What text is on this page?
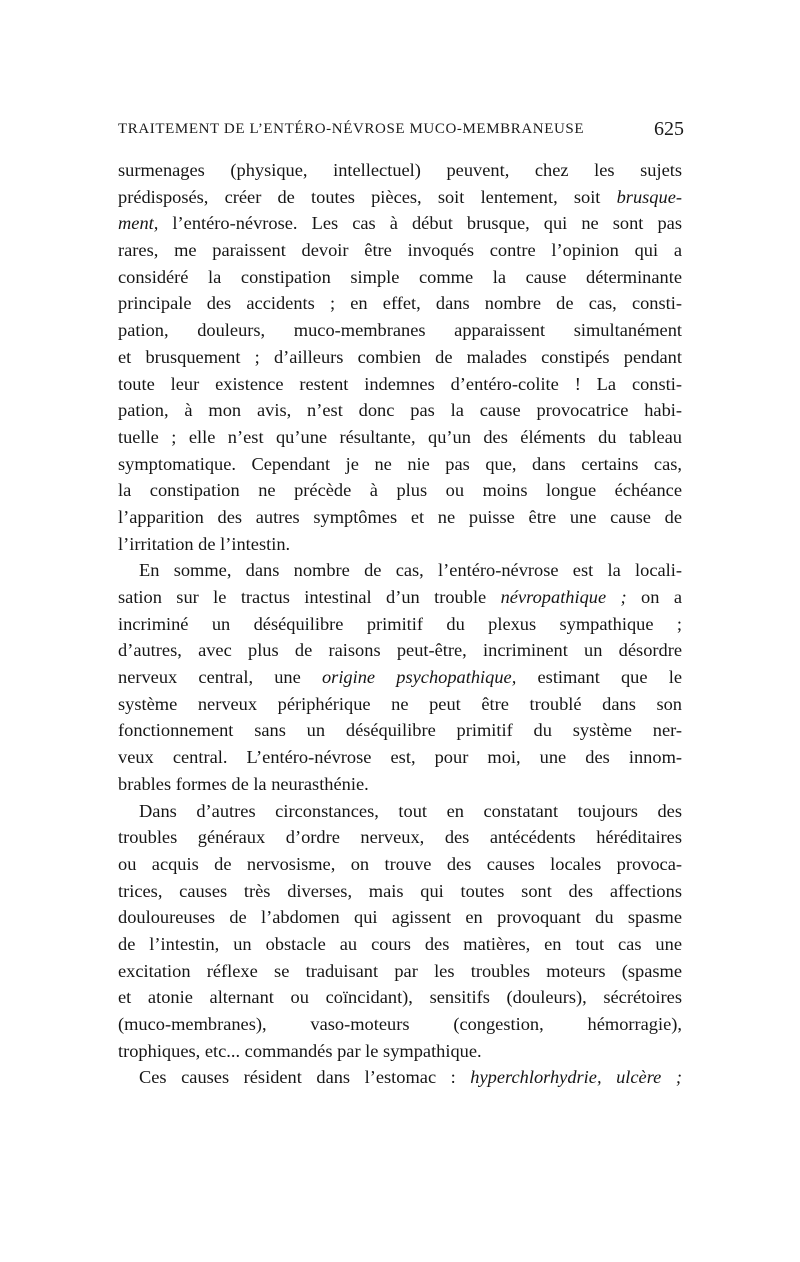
TRAITEMENT DE L’ENTÉRO-NÉVROSE MUCO-MEMBRANEUSE	625
surmenages (physique, intellectuel) peuvent, chez les sujets
prédisposés, créer de toutes pièces, soit lentement, soit brusque-
ment, l’entéro-névrose. Les cas à début brusque, qui ne sont pas
rares, me paraissent devoir être invoqués contre l’opinion qui a
considéré la constipation simple comme la cause déterminante
principale des accidents ; en effet, dans nombre de cas, consti-
pation, douleurs, muco-membranes apparaissent simultanément
et brusquement ; d’ailleurs combien de malades constipés pendant
toute leur existence restent indemnes d’entéro-colite ! La consti-
pation, à mon avis, n’est donc pas la cause provocatrice habi-
tuelle ; elle n’est qu’une résultante, qu’un des éléments du tableau
symptomatique. Cependant je ne nie pas que, dans certains cas,
la constipation ne précède à plus ou moins longue échéance
l’apparition des autres symptômes et ne puisse être une cause de
l’irritation de l’intestin.
En somme, dans nombre de cas, l’entéro-névrose est la locali-
sation sur le tractus intestinal d’un trouble névropathique ; on a
incriminé un déséquilibre primitif du plexus sympathique ;
d’autres, avec plus de raisons peut-être, incriminent un désordre
nerveux central, une origine psychopathique, estimant que le
système nerveux périphérique ne peut être troublé dans son
fonctionnement sans un déséquilibre primitif du système ner-
veux central. L’entéro-névrose est, pour moi, une des innom-
brables formes de la neurasthénie.
Dans d’autres circonstances, tout en constatant toujours des
troubles généraux d’ordre nerveux, des antécédents héréditaires
ou acquis de nervosisme, on trouve des causes locales provoca-
trices, causes très diverses, mais qui toutes sont des affections
douloureuses de l’abdomen qui agissent en provoquant du spasme
de l’intestin, un obstacle au cours des matières, en tout cas une
excitation réflexe se traduisant par les troubles moteurs (spasme
et atonie alternant ou coïncidant), sensitifs (douleurs), sécrétoires
(muco-membranes), vaso-moteurs (congestion, hémorragie),
trophiques, etc... commandés par le sympathique.
Ces causes résident dans l’estomac : hyperchlorhydrie, ulcère ;
